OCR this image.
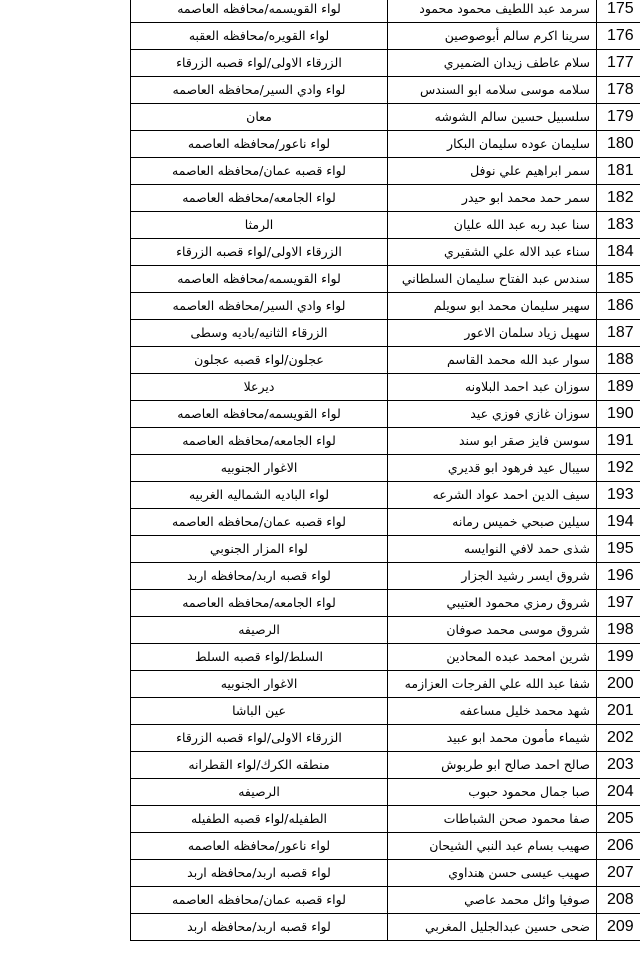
لواء القويسمه/محافظه العاصمه	سرمد عبد اللطيف محمود محمود	175
لواء القويره/محافظه العقبه	سرينا اكرم سالم أبوصوصين	176
الزرقاء الاولى/لواء قصبه الزرقاء	سلام عاطف زيدان الضميري	177
لواء وادي السير/محافظه العاصمه	سلامه موسى سلامه ابو السندس	178
معان	سلسبيل حسين سالم الشوشه	179
لواء ناعور/محافظه العاصمه	سليمان عوده سليمان البكار	180
لواء قصبه عمان/محافظه العاصمه	سمر ابراهيم علي نوفل	181
لواء الجامعه/محافظه العاصمه	سمر حمد محمد ابو حيدر	182
الرمثا	سنا عبد ربه عبد الله عليان	183
الزرقاء الاولى/لواء قصبه الزرقاء	سناء عبد الاله علي الشقيري	184
لواء القويسمه/محافظه العاصمه	سندس عبد الفتاح سليمان السلطاني	185
لواء وادي السير/محافظه العاصمه	سهير سليمان محمد ابو سويلم	186
الزرقاء الثانيه/باديه وسطى	سهيل زياد سلمان الاعور	187
عجلون/لواء قصبه عجلون	سوار عبد الله محمد القاسم	188
ديرعلا	سوزان عبد احمد البلاونه	189
لواء القويسمه/محافظه العاصمه	سوزان غازي فوزي عيد	190
لواء الجامعه/محافظه العاصمه	سوسن فايز صقر ابو سند	191
الاغوار الجنوبيه	سيبال عيد فرهود ابو قديري	192
لواء الباديه الشماليه الغربيه	سيف الدين احمد عواد الشرعه	193
لواء قصبه عمان/محافظه العاصمه	سيلين صبحي خميس رمانه	194
لواء المزار الجنوبي	شذى حمد لافي النوايسه	195
لواء قصبه اربد/محافظه اربد	شروق ايسر رشيد الجزار	196
لواء الجامعه/محافظه العاصمه	شروق رمزي محمود العتيبي	197
الرصيفه	شروق موسى محمد صوفان	198
السلط/لواء قصبه السلط	شرين امحمد عبده المحادين	199
الاغوار الجنوبيه	شفا عبد الله علي الفرجات العزازمه	200
عين الباشا	شهد محمد خليل مساعفه	201
الزرقاء الاولى/لواء قصبه الزرقاء	شيماء مأمون محمد ابو عبيد	202
منطقه الكرك/لواء القطرانه	صالح احمد صالح ابو طربوش	203
الرصيفه	صبا جمال محمود حبوب	204
الطفيله/لواء قصبه الطفيله	صفا محمود صحن الشباطات	205
لواء ناعور/محافظه العاصمه	صهيب بسام عبد النبي الشيحان	206
لواء قصبه اربد/محافظه اربد	صهيب عيسى حسن هنداوي	207
لواء قصبه عمان/محافظه العاصمه	صوفيا وائل محمد عاصي	208
لواء قصبه اربد/محافظه اربد	ضحى حسين عبدالجليل المغربي	209
